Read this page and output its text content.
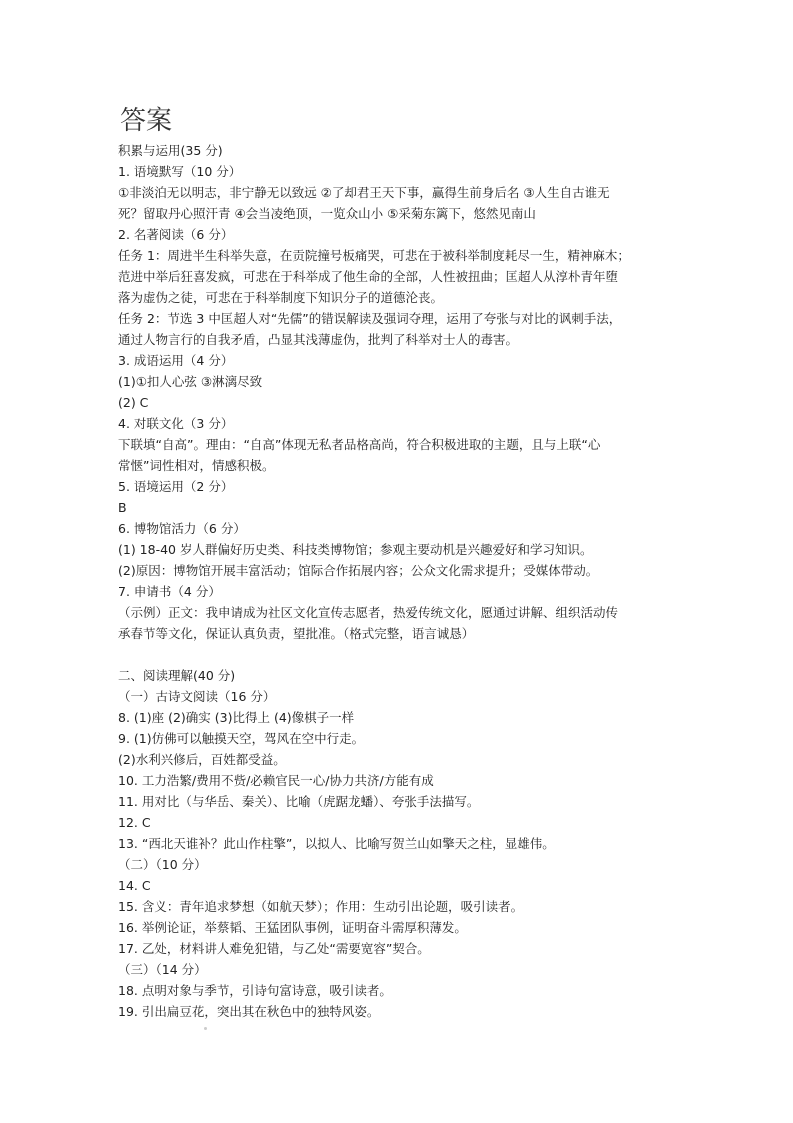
答案
积累与运用(35 分)
1. 语境默写（10 分）
①非淡泊无以明志，非宁静无以致远 ②了却君王天下事，赢得生前身后名 ③人生自古谁无
死？留取丹心照汗青 ④会当凌绝顶，一览众山小 ⑤采菊东篱下，悠然见南山
2. 名著阅读（6 分）
任务 1：周进半生科举失意，在贡院撞号板痛哭，可悲在于被科举制度耗尽一生，精神麻木；
范进中举后狂喜发疯，可悲在于科举成了他生命的全部，人性被扭曲；匡超人从淳朴青年堕
落为虚伪之徒，可悲在于科举制度下知识分子的道德沦丧。
任务 2：节选 3 中匡超人对“先儒”的错误解读及强词夺理，运用了夸张与对比的讽刺手法，
通过人物言行的自我矛盾，凸显其浅薄虚伪，批判了科举对士人的毒害。
3. 成语运用（4 分）
(1)①扣人心弦 ③淋漓尽致
(2) C
4. 对联文化（3 分）
下联填“自高”。理由：“自高”体现无私者品格高尚，符合积极进取的主题，且与上联“心
常惬”词性相对，情感积极。
5. 语境运用（2 分）
B
6. 博物馆活力（6 分）
(1) 18-40 岁人群偏好历史类、科技类博物馆；参观主要动机是兴趣爱好和学习知识。
(2)原因：博物馆开展丰富活动；馆际合作拓展内容；公众文化需求提升；受媒体带动。
7. 申请书（4 分）
（示例）正文：我申请成为社区文化宣传志愿者，热爱传统文化，愿通过讲解、组织活动传
承春节等文化，保证认真负责，望批准。（格式完整，语言诚恳）
二、阅读理解(40 分)
（一）古诗文阅读（16 分）
8. (1)座 (2)确实 (3)比得上 (4)像棋子一样
9. (1)仿佛可以触摸天空，驾风在空中行走。
(2)水利兴修后，百姓都受益。
10. 工力浩繁/费用不赀/必赖官民一心/协力共济/方能有成
11. 用对比（与华岳、秦关）、比喻（虎踞龙蟠）、夸张手法描写。
12. C
13. “西北天谁补？此山作柱擎”，以拟人、比喻写贺兰山如擎天之柱，显雄伟。
（二）（10 分）
14. C
15. 含义：青年追求梦想（如航天梦）；作用：生动引出论题，吸引读者。
16. 举例论证，举蔡韬、王猛团队事例，证明奋斗需厚积薄发。
17. 乙处，材料讲人难免犯错，与乙处“需要宽容”契合。
（三）（14 分）
18. 点明对象与季节，引诗句富诗意，吸引读者。
19. 引出扁豆花，突出其在秋色中的独特风姿。
